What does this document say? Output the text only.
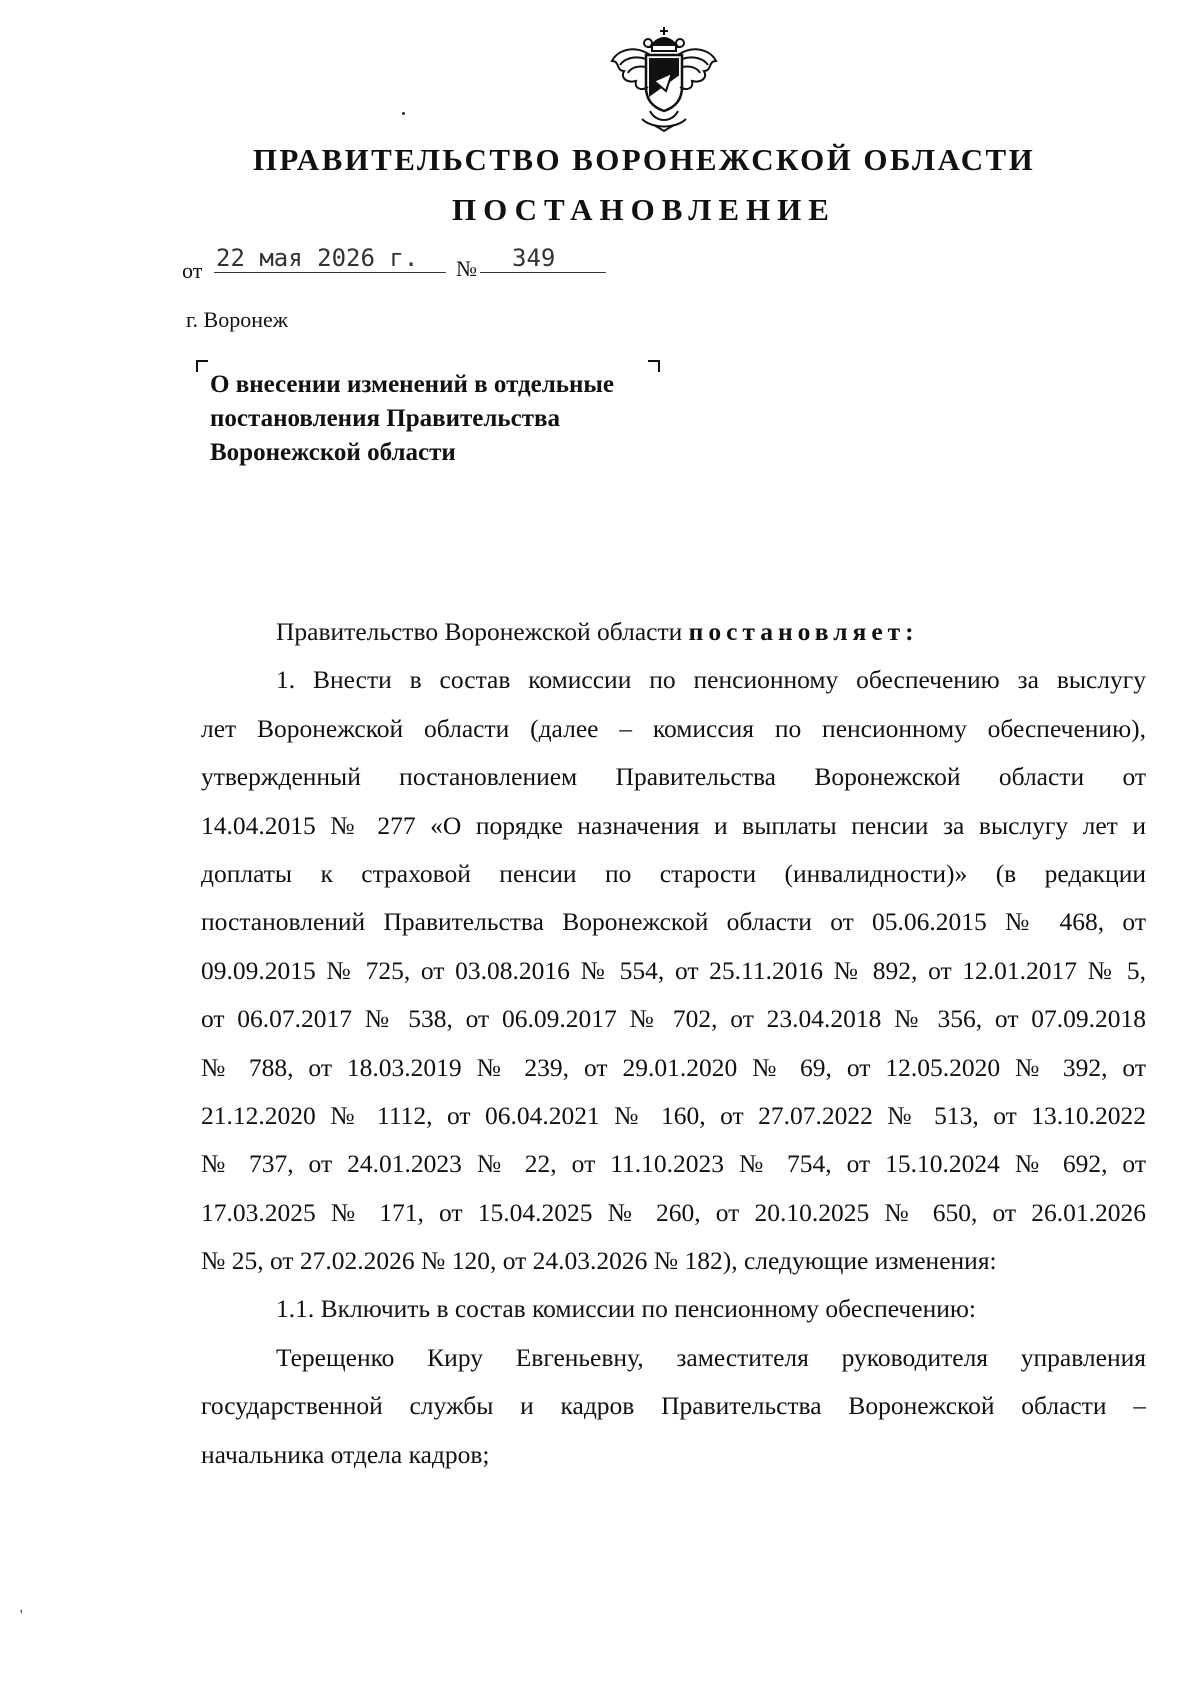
ПРАВИТЕЛЬСТВО ВОРОНЕЖСКОЙ ОБЛАСТИ
ПОСТАНОВЛЕНИЕ
от 22 мая 2026 г. № 349
г. Воронеж
О внесении изменений в отдельные
постановления Правительства
Воронежской области
Правительство Воронежской области постановляет:
1. Внести в состав комиссии по пенсионному обеспечению за выслугу
лет Воронежской области (далее – комиссия по пенсионному обеспечению),
утвержденный постановлением Правительства Воронежской области от
14.04.2015 № 277 «О порядке назначения и выплаты пенсии за выслугу лет и
доплаты к страховой пенсии по старости (инвалидности)» (в редакции
постановлений Правительства Воронежской области от 05.06.2015 № 468, от
09.09.2015 № 725, от 03.08.2016 № 554, от 25.11.2016 № 892, от 12.01.2017 № 5,
от 06.07.2017 № 538, от 06.09.2017 № 702, от 23.04.2018 № 356, от 07.09.2018
№ 788, от 18.03.2019 № 239, от 29.01.2020 № 69, от 12.05.2020 № 392, от
21.12.2020 № 1112, от 06.04.2021 № 160, от 27.07.2022 № 513, от 13.10.2022
№ 737, от 24.01.2023 № 22, от 11.10.2023 № 754, от 15.10.2024 № 692, от
17.03.2025 № 171, от 15.04.2025 № 260, от 20.10.2025 № 650, от 26.01.2026
№ 25, от 27.02.2026 № 120, от 24.03.2026 № 182), следующие изменения:
1.1. Включить в состав комиссии по пенсионному обеспечению:
Терещенко Киру Евгеньевну, заместителя руководителя управления
государственной службы и кадров Правительства Воронежской области –
начальника отдела кадров;
'
